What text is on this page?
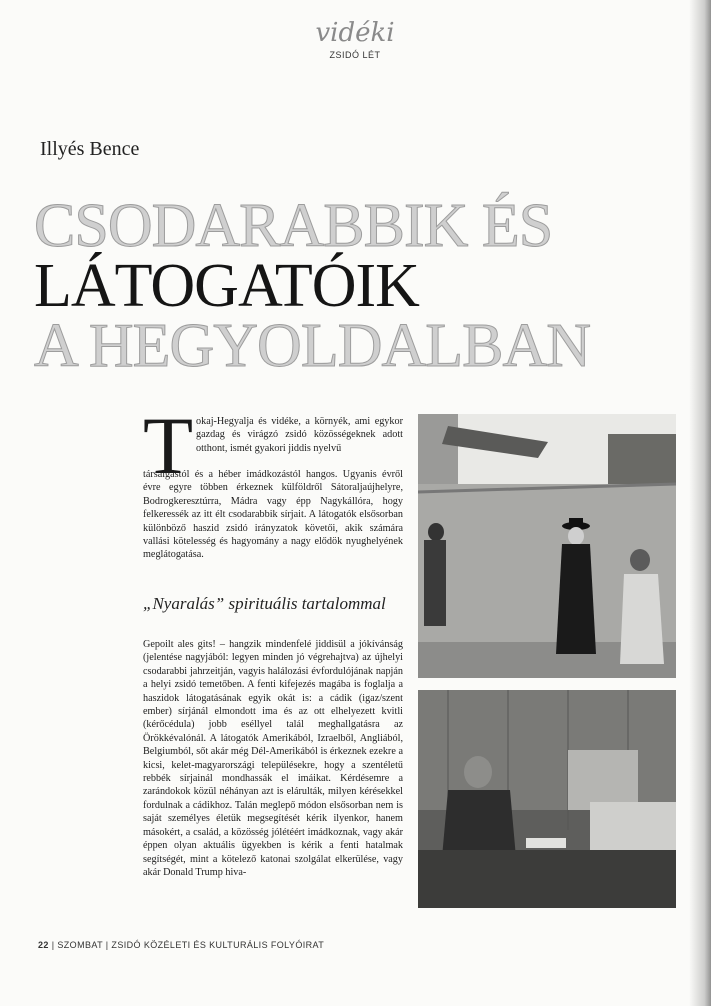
vidéki
ZSIDÓ LÉT
Illyés Bence
CSODARABBIK ÉS
LÁTOGATÓIK
A HEGYOLDALBAN
T okaj-Hegyalja és vidéke, a környék, ami egykor gazdag és virágzó zsidó közösségeknek adott otthont, ismét gyakori jiddis nyelvű
társalgástól és a héber imádkozástól hangos. Ugyanis évről évre egyre többen érkeznek külföldről Sátoraljaújhelyre, Bodrogkeresztúrra, Mádra vagy épp Nagykállóra, hogy felkeressék az itt élt csodarabbik sírjait. A látogatók elsősorban különböző haszid zsidó irányzatok követői, akik számára vallási kötelesség és hagyomány a nagy elődök nyughelyének meglátogatása.
„Nyaralás” spirituális tartalommal
Gepoilt ales gits! – hangzik mindenfelé jiddisül a jókívánság (jelentése nagyjából: legyen minden jó végrehajtva) az újhelyi csodarabbi jahrzeitján, vagyis halálozási évfordulójának napján a helyi zsidó temetőben. A fenti kifejezés magába is foglalja a haszidok látogatásának egyik okát is: a cádik (igaz/szent ember) sírjánál elmondott ima és az ott elhelyezett kvitli (kérőcédula) jobb eséllyel talál meghallgatásra az Örökkévalónál. A látogatók Amerikából, Izraelből, Angliából, Belgiumból, sőt akár még Dél-Amerikából is érkeznek ezekre a kicsi, kelet-magyarországi településekre, hogy a szentéletű rebbék sírjainál mondhassák el imáikat. Kérdésemre a zarándokok közül néhányan azt is elárulták, milyen kérésekkel fordulnak a cádikhoz. Talán meglepő módon elsősorban nem is saját személyes életük megsegítését kérik ilyenkor, hanem másokért, a család, a közösség jólétéért imádkoznak, vagy akár éppen olyan aktuális ügyekben is kérik a fenti hatalmak segítségét, mint a kötelező katonai szolgálat elkerülése, vagy akár Donald Trump hiva-
22 | SZOMBAT | ZSIDÓ KÖZÉLETI ÉS KULTURÁLIS FOLYÓIRAT
